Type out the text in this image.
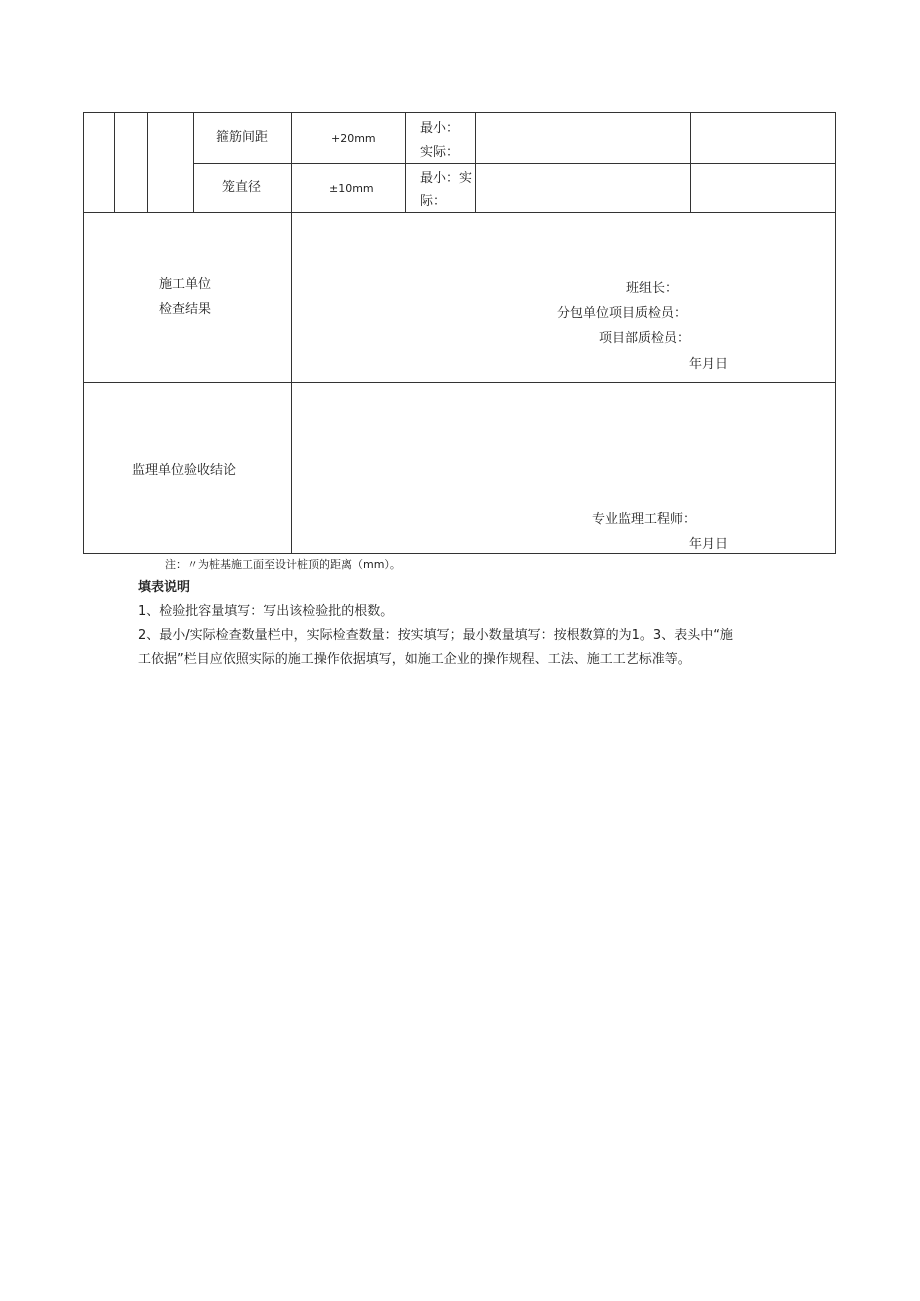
箍筋间距	+20mm
最小：
实际：
笼直径	±10mm
最小：实
际：
施工单位
检查结果
班组长：
分包单位项目质检员：
项目部质检员：
年月日
监理单位验收结论
专业监理工程师：
年月日
注：〃为桩基施工面至设计桩顶的距离（mm）。
填表说明
1、检验批容量填写：写出该检验批的根数。
2、最小/实际检查数量栏中，实际检查数量：按实填写；最小数量填写：按根数算的为1。3、表头中“施
工依据”栏目应依照实际的施工操作依据填写，如施工企业的操作规程、工法、施工工艺标准等。
